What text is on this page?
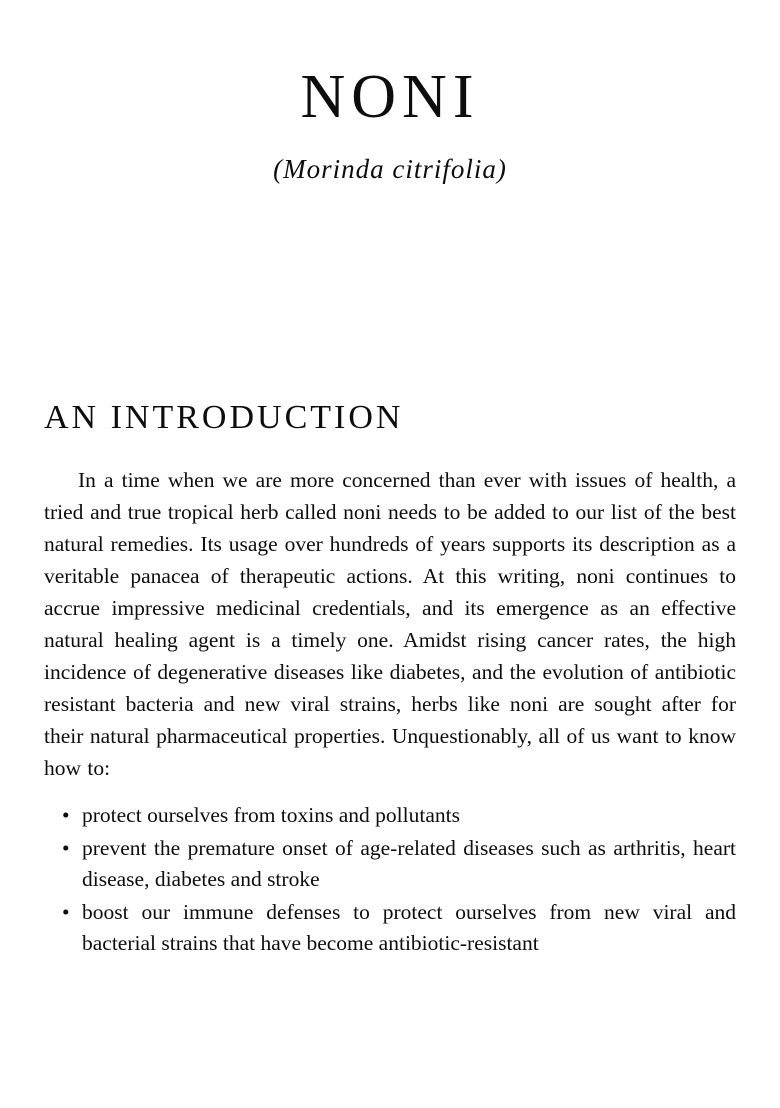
NONI
(Morinda citrifolia)
AN INTRODUCTION

In a time when we are more concerned than ever with issues of health, a tried and true tropical herb called noni needs to be added to our list of the best natural remedies. Its usage over hundreds of years supports its description as a veritable panacea of therapeutic actions. At this writing, noni continues to accrue impressive medicinal credentials, and its emergence as an effective natural healing agent is a timely one. Amidst rising cancer rates, the high incidence of degenerative diseases like diabetes, and the evolution of antibiotic resistant bacteria and new viral strains, herbs like noni are sought after for their natural pharmaceutical properties. Unquestionably, all of us want to know how to:

• protect ourselves from toxins and pollutants
• prevent the premature onset of age-related diseases such as arthritis, heart disease, diabetes and stroke
• boost our immune defenses to protect ourselves from new viral and bacterial strains that have become antibiotic-resistant
